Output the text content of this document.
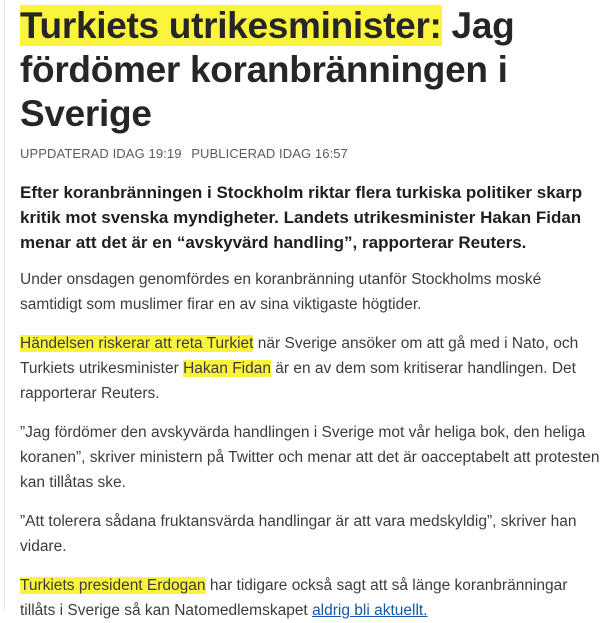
Turkiets utrikesminister: Jag fördömer koranbränningen i Sverige
UPPDATERAD IDAG 19:19 PUBLICERAD IDAG 16:57

Efter koranbränningen i Stockholm riktar flera turkiska politiker skarp kritik mot svenska myndigheter. Landets utrikesminister Hakan Fidan menar att det är en “avskyvärd handling”, rapporterar Reuters.

Under onsdagen genomfördes en koranbränning utanför Stockholms moské samtidigt som muslimer firar en av sina viktigaste högtider.

Händelsen riskerar att reta Turkiet när Sverige ansöker om att gå med i Nato, och Turkiets utrikesminister Hakan Fidan är en av dem som kritiserar handlingen. Det rapporterar Reuters.

”Jag fördömer den avskyvärda handlingen i Sverige mot vår heliga bok, den heliga koranen”, skriver ministern på Twitter och menar att det är oacceptabelt att protesten kan tillåtas ske.

”Att tolerera sådana fruktansvärda handlingar är att vara medskyldig”, skriver han vidare.

Turkiets president Erdogan har tidigare också sagt att så länge koranbränningar tillåts i Sverige så kan Natomedlemskapet aldrig bli aktuellt.
